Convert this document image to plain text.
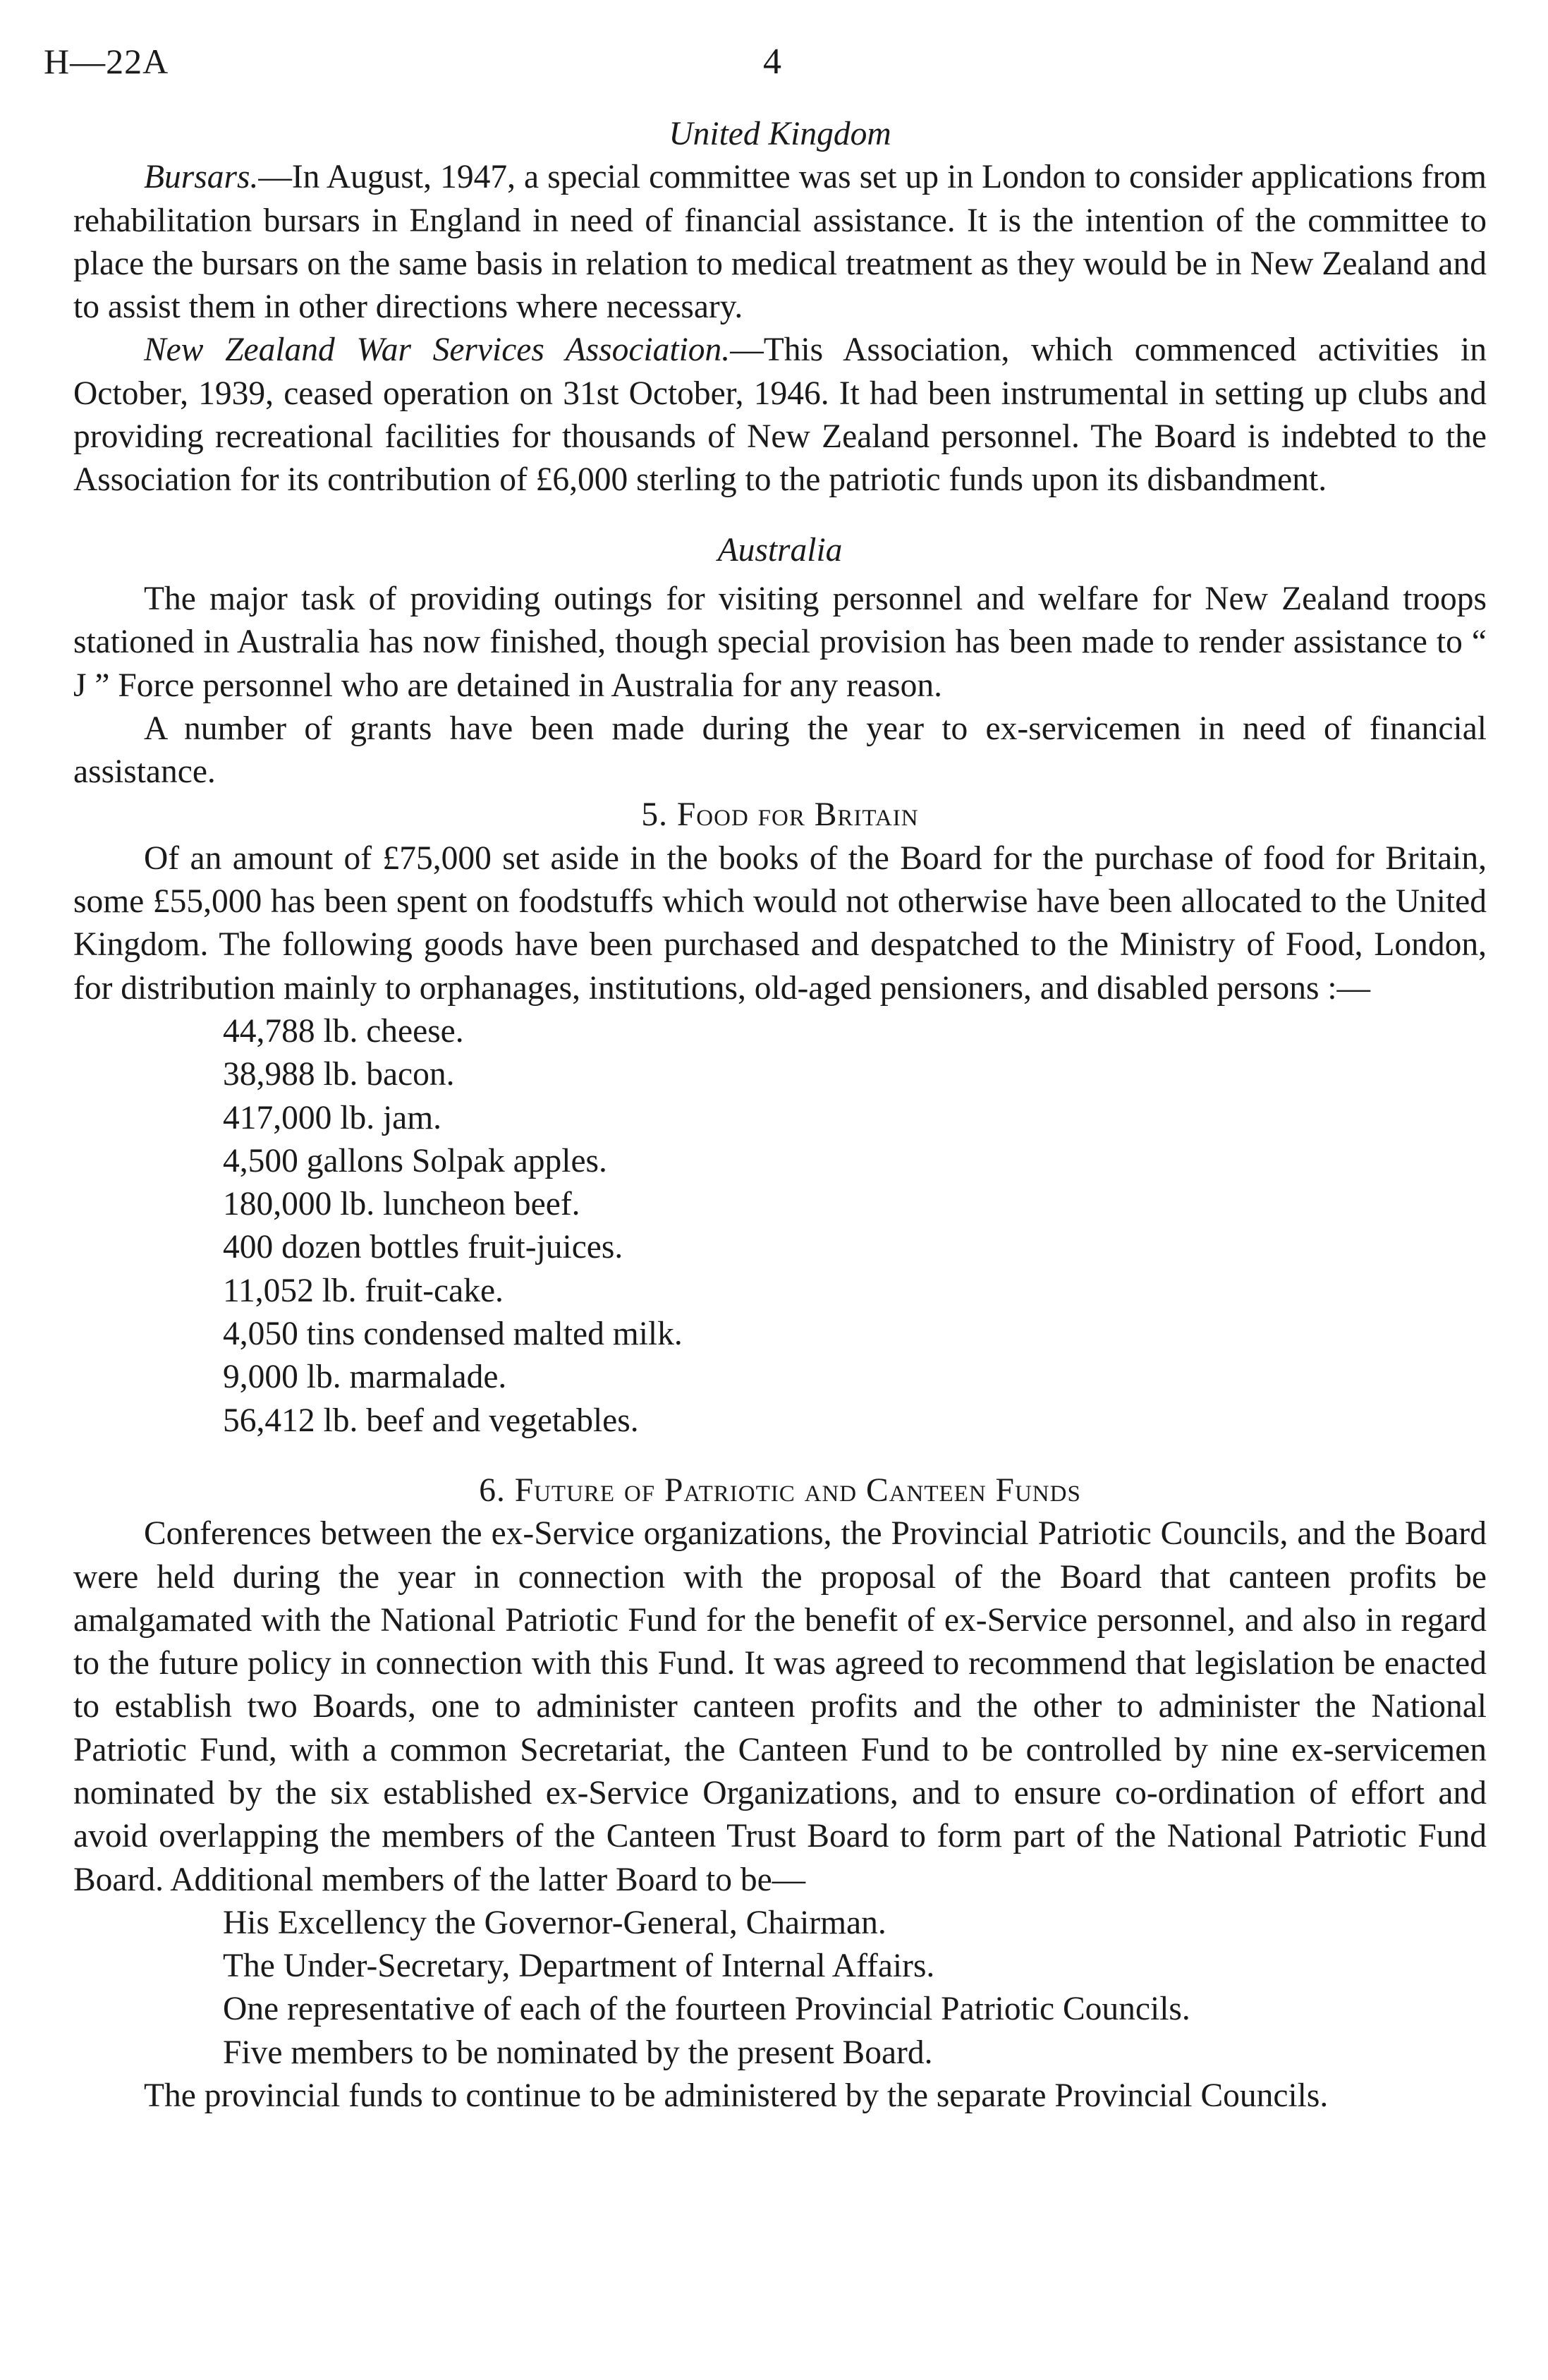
H—22A	4
United Kingdom

Bursars.—In August, 1947, a special committee was set up in London to consider applications from rehabilitation bursars in England in need of financial assistance. It is the intention of the committee to place the bursars on the same basis in relation to medical treatment as they would be in New Zealand and to assist them in other directions where necessary.

New Zealand War Services Association.—This Association, which commenced activities in October, 1939, ceased operation on 31st October, 1946. It had been instrumental in setting up clubs and providing recreational facilities for thousands of New Zealand personnel. The Board is indebted to the Association for its contribution of £6,000 sterling to the patriotic funds upon its disbandment.

Australia

The major task of providing outings for visiting personnel and welfare for New Zealand troops stationed in Australia has now finished, though special provision has been made to render assistance to “ J ” Force personnel who are detained in Australia for any reason.

A number of grants have been made during the year to ex-servicemen in need of financial assistance.

5. Food for Britain

Of an amount of £75,000 set aside in the books of the Board for the purchase of food for Britain, some £55,000 has been spent on foodstuffs which would not otherwise have been allocated to the United Kingdom. The following goods have been purchased and despatched to the Ministry of Food, London, for distribution mainly to orphanages, institutions, old-aged pensioners, and disabled persons :—

44,788 lb. cheese.
38,988 lb. bacon.
417,000 lb. jam.
4,500 gallons Solpak apples.
180,000 lb. luncheon beef.
400 dozen bottles fruit-juices.
11,052 lb. fruit-cake.
4,050 tins condensed malted milk.
9,000 lb. marmalade.
56,412 lb. beef and vegetables.
6. Future of Patriotic and Canteen Funds

Conferences between the ex-Service organizations, the Provincial Patriotic Councils, and the Board were held during the year in connection with the proposal of the Board that canteen profits be amalgamated with the National Patriotic Fund for the benefit of ex-Service personnel, and also in regard to the future policy in connection with this Fund. It was agreed to recommend that legislation be enacted to establish two Boards, one to administer canteen profits and the other to administer the National Patriotic Fund, with a common Secretariat, the Canteen Fund to be controlled by nine ex-servicemen nominated by the six established ex-Service Organizations, and to ensure co-ordination of effort and avoid overlapping the members of the Canteen Trust Board to form part of the National Patriotic Fund Board. Additional members of the latter Board to be—

His Excellency the Governor-General, Chairman.
The Under-Secretary, Department of Internal Affairs.
One representative of each of the fourteen Provincial Patriotic Councils.
Five members to be nominated by the present Board.

The provincial funds to continue to be administered by the separate Provincial Councils.
